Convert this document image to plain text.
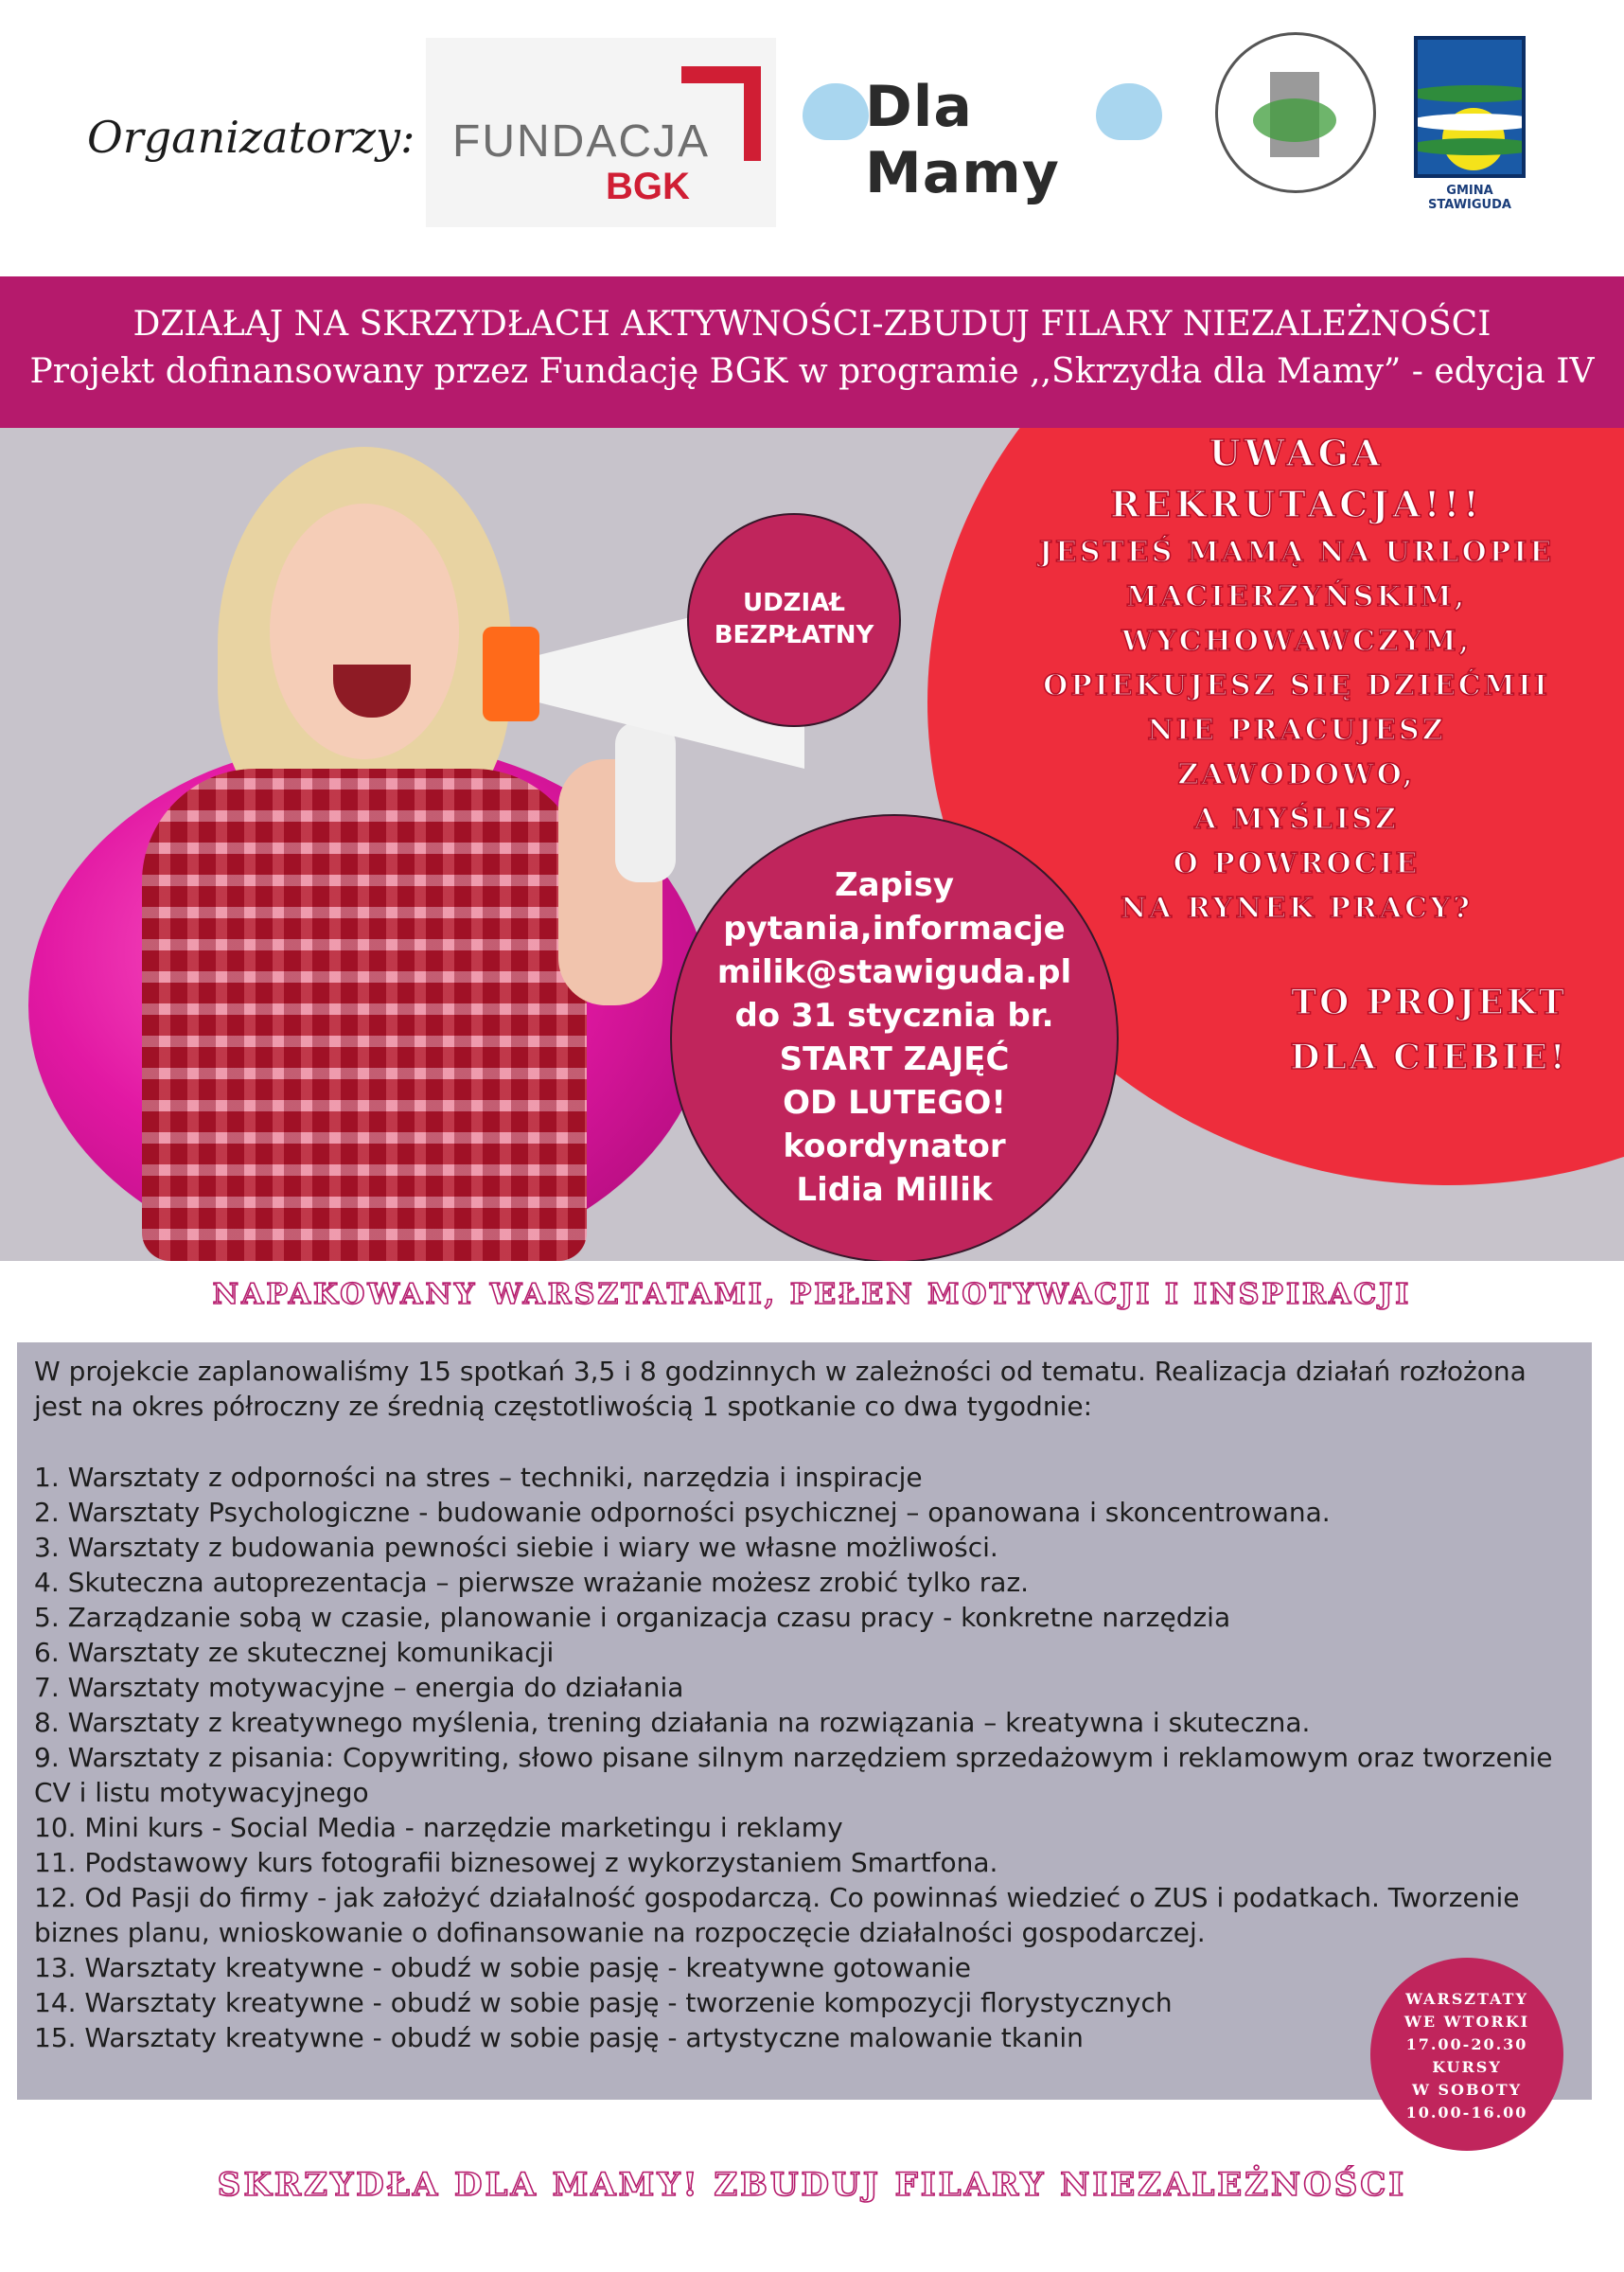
Organizatorzy: FUNDACJA
BGK
Dla Mamy	GMINA STAWIGUDA
DZIAŁAJ NA SKRZYDŁACH AKTYWNOŚCI-ZBUDUJ FILARY NIEZALEŻNOŚCI
Projekt dofinansowany przez Fundację BGK w programie ,,Skrzydła dla Mamy” - edycja IV
UWAGA
REKRUTACJA!!!
JESTEŚ MAMĄ NA URLOPIE
MACIERZYŃSKIM,
WYCHOWAWCZYM,
OPIEKUJESZ SIĘ DZIEĆMII
NIE PRACUJESZ
ZAWODOWO,
A MYŚLISZ
O POWROCIE
NA RYNEK PRACY?
TO PROJEKT
DLA CIEBIE!
UDZIAŁ
BEZPŁATNY
Zapisy
pytania,informacje
milik@stawiguda.pl
do 31 stycznia br.
START ZAJĘĆ
OD LUTEGO!
koordynator
Lidia Millik
NAPAKOWANY WARSZTATAMI, PEŁEN MOTYWACJI I INSPIRACJI
W projekcie zaplanowaliśmy 15 spotkań 3,5 i 8 godzinnych w zależności od tematu. Realizacja działań rozłożona jest na okres półroczny ze średnią częstotliwością 1 spotkanie co dwa tygodnie:
1. Warsztaty z odporności na stres – techniki, narzędzia i inspiracje
2. Warsztaty Psychologiczne - budowanie odporności psychicznej – opanowana i skoncentrowana.
3. Warsztaty z budowania pewności siebie i wiary we własne możliwości.
4. Skuteczna autoprezentacja – pierwsze wrażanie możesz zrobić tylko raz.
5. Zarządzanie sobą w czasie, planowanie i organizacja czasu pracy - konkretne narzędzia
6. Warsztaty ze skutecznej komunikacji
7. Warsztaty motywacyjne – energia do działania
8. Warsztaty z kreatywnego myślenia, trening działania na rozwiązania – kreatywna i skuteczna.
9. Warsztaty z pisania: Copywriting, słowo pisane silnym narzędziem sprzedażowym i reklamowym oraz tworzenie CV i listu motywacyjnego
10. Mini kurs - Social Media - narzędzie marketingu i reklamy
11. Podstawowy kurs fotografii biznesowej z wykorzystaniem Smartfona.
12. Od Pasji do firmy - jak założyć działalność gospodarczą. Co powinnaś wiedzieć o ZUS i podatkach. Tworzenie biznes planu, wnioskowanie o dofinansowanie na rozpoczęcie działalności gospodarczej.
13. Warsztaty kreatywne - obudź w sobie pasję - kreatywne gotowanie
14. Warsztaty kreatywne - obudź w sobie pasję - tworzenie kompozycji florystycznych
15. Warsztaty kreatywne - obudź w sobie pasję - artystyczne malowanie tkanin
WARSZTATY
WE WTORKI
17.00-20.30
KURSY
W SOBOTY
10.00-16.00
SKRZYDŁA DLA MAMY! ZBUDUJ FILARY NIEZALEŻNOŚCI
